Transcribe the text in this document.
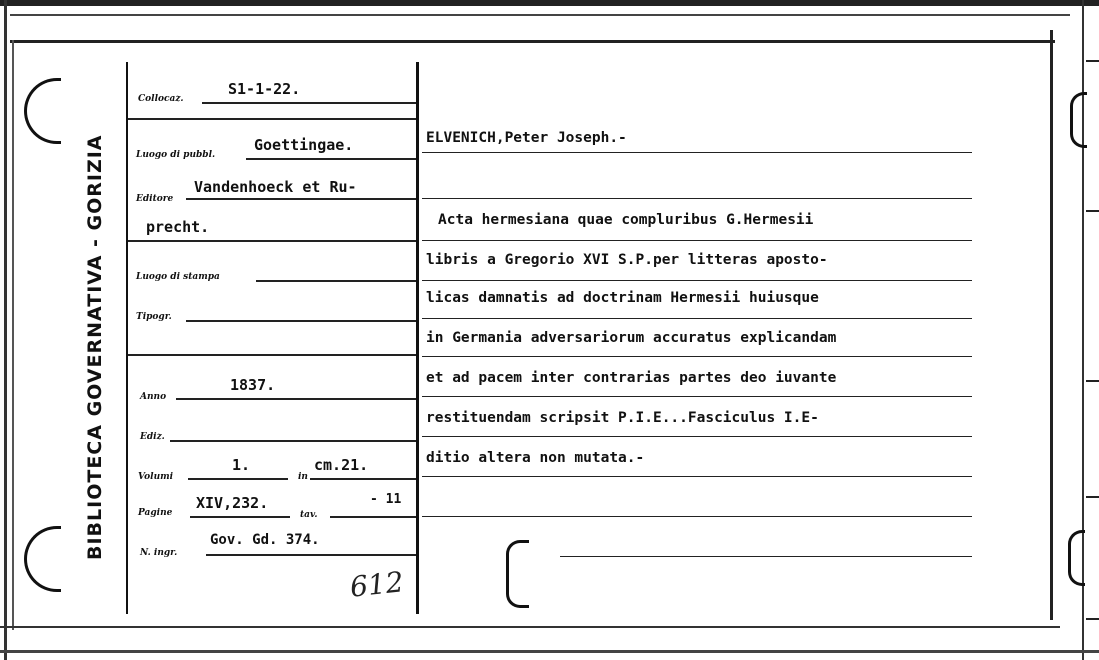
BIBLIOTECA GOVERNATIVA - GORIZIA
Collocaz.
S1-1-22.
Luogo di pubbl.
Goettingae.
Editore
Vandenhoeck et Ru-
precht.
Luogo di stampa
Tipogr.
Anno
1837.
Ediz.
Volumi
1.
in
cm.21.
Pagine
XIV,232.
tav.
- 11
N. ingr.
Gov. Gd. 374.
612
ELVENICH,Peter Joseph.-
Acta hermesiana quae compluribus G.Hermesii
libris a Gregorio XVI S.P.per litteras aposto-
licas damnatis ad doctrinam Hermesii huiusque
in Germania adversariorum accuratus explicandam
et ad pacem inter contrarias partes deo iuvante
restituendam scripsit P.I.E...Fasciculus I.E-
ditio altera non mutata.-
